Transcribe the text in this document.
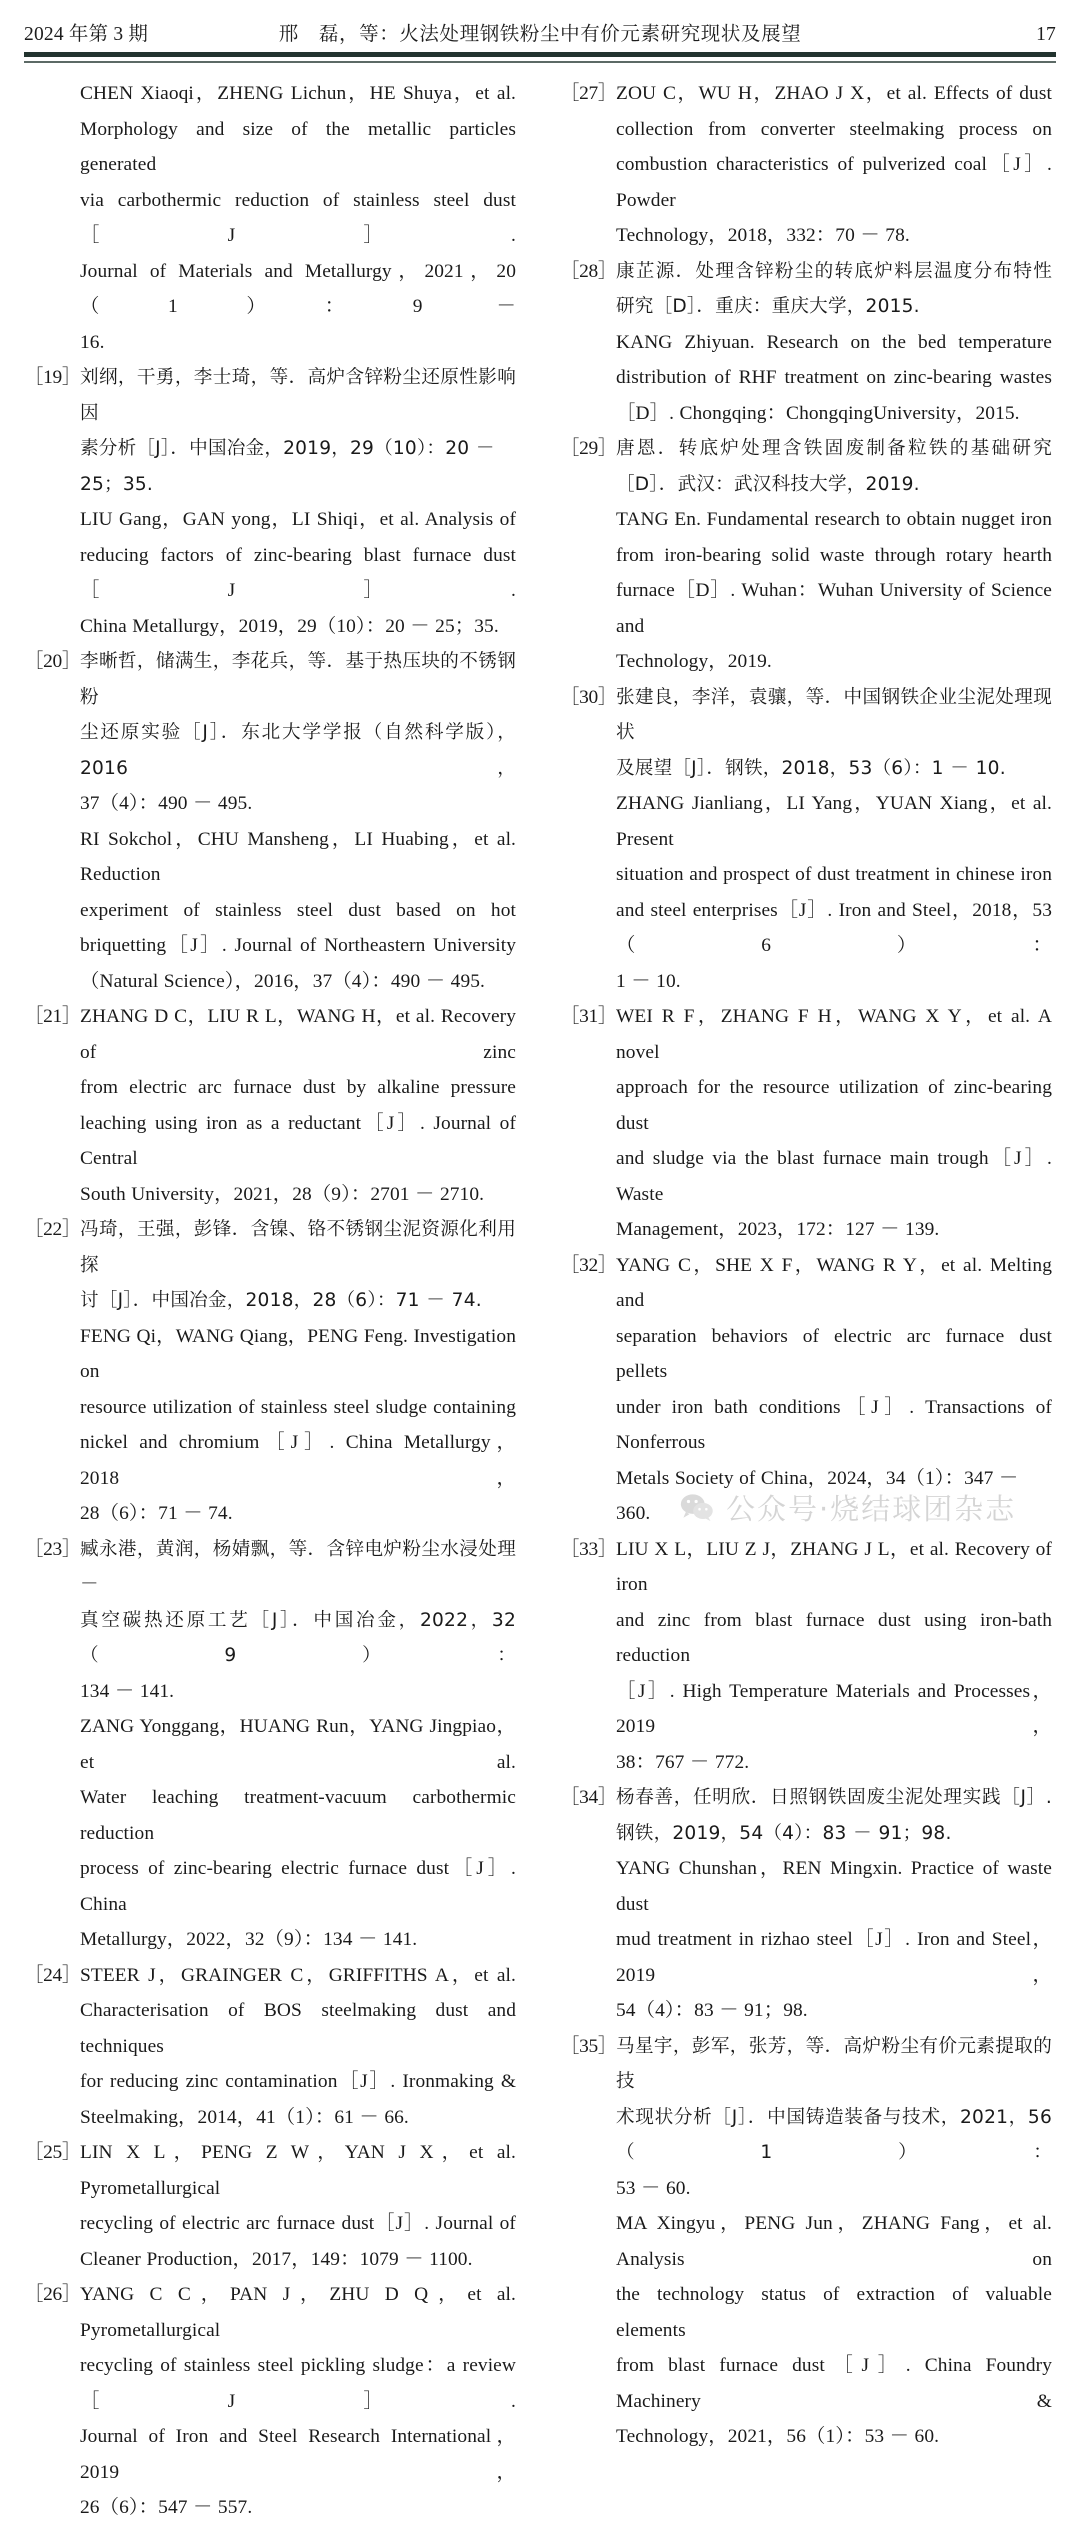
2024 年第 3 期	邢　磊，等：火法处理钢铁粉尘中有价元素研究现状及展望	17
CHEN Xiaoqi，ZHENG Lichun，HE Shuya，et al.
Morphology and size of the metallic particles generated
via carbothermic reduction of stainless steel dust［J］.
Journal of Materials and Metallurgy，2021，20（1）：9 －
16.
［19］ 刘纲，干勇，李士琦，等．高炉含锌粉尘还原性影响因
素分析［J］．中国冶金，2019，29（10）：20 － 25；35.
LIU Gang，GAN yong，LI Shiqi，et al. Analysis of
reducing factors of zinc-bearing blast furnace dust［J］.
China Metallurgy，2019，29（10）：20 － 25；35.
［20］ 李晰哲，储满生，李花兵，等．基于热压块的不锈钢粉
尘还原实验［J］．东北大学学报（自然科学版），2016，
37（4）：490 － 495.
RI Sokchol，CHU Mansheng，LI Huabing，et al. Reduction
experiment of stainless steel dust based on hot
briquetting［J］. Journal of Northeastern University
（Natural Science），2016，37（4）：490 － 495.
［21］ ZHANG D C，LIU R L，WANG H，et al. Recovery of zinc
from electric arc furnace dust by alkaline pressure
leaching using iron as a reductant［J］. Journal of Central
South University，2021，28（9）：2701 － 2710.
［22］ 冯琦，王强，彭锋．含镍、铬不锈钢尘泥资源化利用探
讨［J］．中国冶金，2018，28（6）：71 － 74.
FENG Qi，WANG Qiang，PENG Feng. Investigation on
resource utilization of stainless steel sludge containing
nickel and chromium［J］. China Metallurgy，2018，
28（6）：71 － 74.
［23］ 臧永港，黄润，杨婧飘，等．含锌电炉粉尘水浸处理 －
真空碳热还原工艺［J］．中国冶金，2022，32（9）：
134 － 141.
ZANG Yonggang，HUANG Run，YANG Jingpiao，et al.
Water leaching treatment-vacuum carbothermic reduction
process of zinc-bearing electric furnace dust［J］. China
Metallurgy，2022，32（9）：134 － 141.
［24］ STEER J，GRAINGER C，GRIFFITHS A，et al.
Characterisation of BOS steelmaking dust and techniques
for reducing zinc contamination［J］. Ironmaking &
Steelmaking，2014，41（1）：61 － 66.
［25］ LIN X L，PENG Z W，YAN J X，et al. Pyrometallurgical
recycling of electric arc furnace dust［J］. Journal of
Cleaner Production，2017，149：1079 － 1100.
［26］ YANG C C，PAN J，ZHU D Q，et al. Pyrometallurgical
recycling of stainless steel pickling sludge：a review［J］.
Journal of Iron and Steel Research International，2019，
26（6）：547 － 557.
［27］ ZOU C，WU H，ZHAO J X，et al. Effects of dust
collection from converter steelmaking process on
combustion characteristics of pulverized coal［J］. Powder
Technology，2018，332：70 － 78.
［28］ 康芷源．处理含锌粉尘的转底炉料层温度分布特性
研究［D］．重庆：重庆大学，2015.
KANG Zhiyuan. Research on the bed temperature
distribution of RHF treatment on zinc-bearing wastes
［D］. Chongqing：ChongqingUniversity，2015.
［29］ 唐恩．转底炉处理含铁固废制备粒铁的基础研究
［D］．武汉：武汉科技大学，2019.
TANG En. Fundamental research to obtain nugget iron
from iron-bearing solid waste through rotary hearth
furnace［D］. Wuhan：Wuhan University of Science and
Technology，2019.
［30］ 张建良，李洋，袁骧，等．中国钢铁企业尘泥处理现状
及展望［J］．钢铁，2018，53（6）：1 － 10.
ZHANG Jianliang，LI Yang，YUAN Xiang，et al. Present
situation and prospect of dust treatment in chinese iron
and steel enterprises［J］. Iron and Steel，2018，53（6）：
1 － 10.
［31］ WEI R F，ZHANG F H，WANG X Y，et al. A novel
approach for the resource utilization of zinc-bearing dust
and sludge via the blast furnace main trough［J］. Waste
Management，2023，172：127 － 139.
［32］ YANG C，SHE X F，WANG R Y，et al. Melting and
separation behaviors of electric arc furnace dust pellets
under iron bath conditions［J］. Transactions of Nonferrous
Metals Society of China，2024，34（1）：347 － 360.
［33］ LIU X L，LIU Z J，ZHANG J L，et al. Recovery of iron
and zinc from blast furnace dust using iron-bath reduction
［J］. High Temperature Materials and Processes，2019，
38：767 － 772.
［34］ 杨春善，任明欣．日照钢铁固废尘泥处理实践［J］.
钢铁，2019，54（4）：83 － 91；98.
YANG Chunshan，REN Mingxin. Practice of waste dust
mud treatment in rizhao steel［J］. Iron and Steel，2019，
54（4）：83 － 91；98.
［35］ 马星宇，彭军，张芳，等．高炉粉尘有价元素提取的技
术现状分析［J］．中国铸造装备与技术，2021，56（1）：
53 － 60.
MA Xingyu，PENG Jun，ZHANG Fang，et al. Analysis on
the technology status of extraction of valuable elements
from blast furnace dust［J］. China Foundry Machinery &
Technology，2021，56（1）：53 － 60.
公众号·烧结球团杂志
